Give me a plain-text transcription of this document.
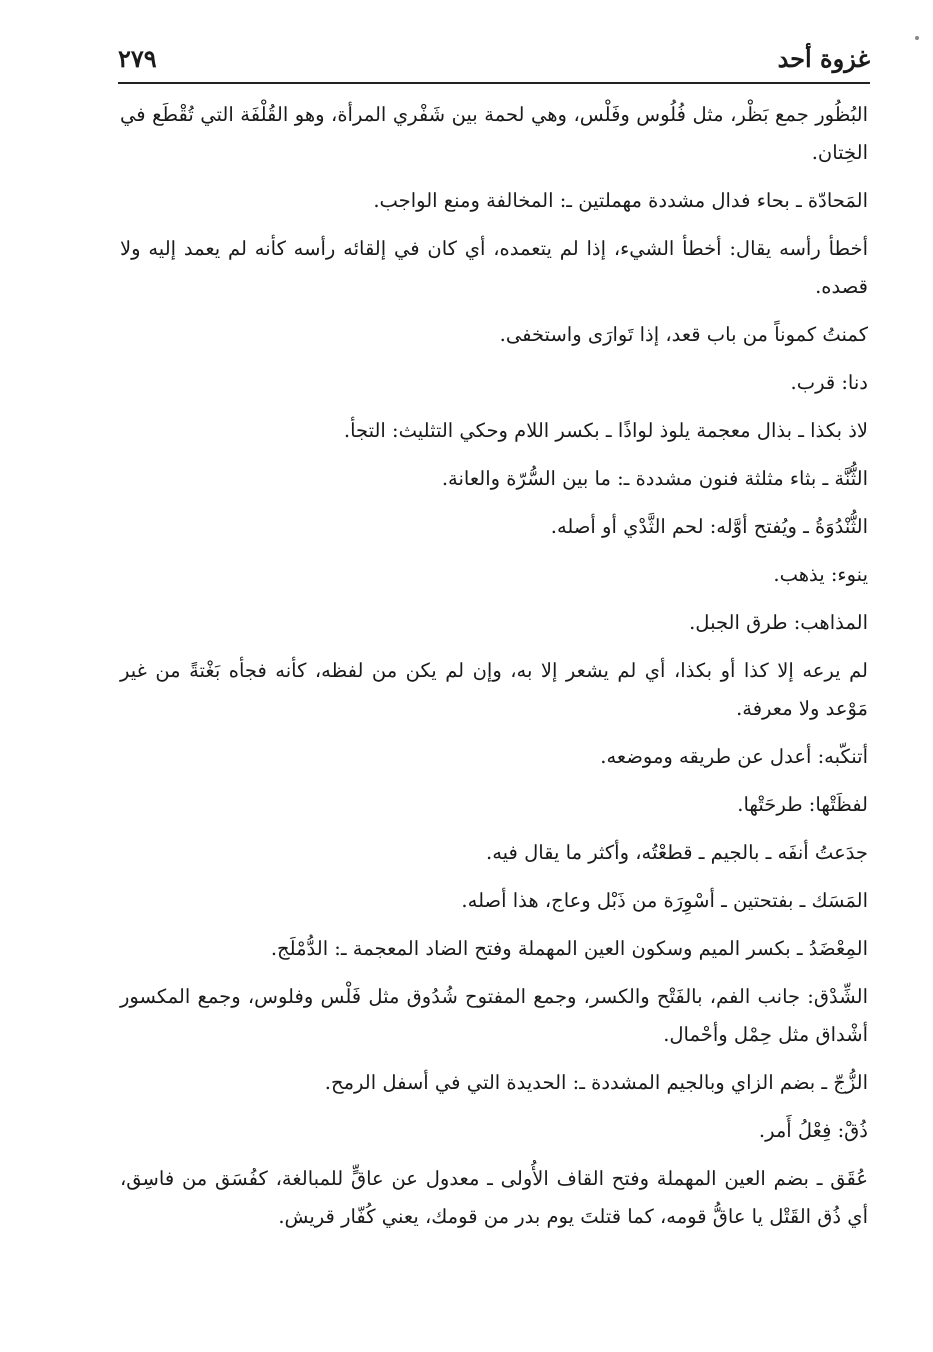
غزوة أحد
٢٧٩

البُظُور جمع بَظْر، مثل فُلُوس وفَلْس، وهي لحمة بين شَفْري المرأة، وهو القُلْفَة التي تُقْطَع في الخِتان.

المَحادّة ـ بحاء فدال مشددة مهملتين ـ: المخالفة ومنع الواجب.

أخطأ رأسه يقال: أخطأ الشيء، إذا لم يتعمده، أي كان في إلقائه رأسه كأنه لم يعمد إليه ولا قصده.

كمنتُ كموناً من باب قعد، إذا تَوارَى واستخفى.

دنا: قرب.

لاذ بكذا ـ بذال معجمة يلوذ لواذًا ـ بكسر اللام وحكي التثليث: التجأ.

الثُّنَّة ـ بثاء مثلثة فنون مشددة ـ: ما بين السُّرّة والعانة.

الثُّنْدُوَةُ ـ ويُفتح أوَّله: لحم الثَّدْي أو أصله.

ينوء: يذهب.

المذاهب: طرق الجبل.

لم يرعه إلا كذا أو بكذا، أي لم يشعر إلا به، وإن لم يكن من لفظه، كأنه فجأه بَغْتةً من غير مَوْعد ولا معرفة.

أتنكّبه: أعدل عن طريقه وموضعه.

لفظَتْها: طرحَتْها.

جدَعتُ أنفَه ـ بالجيم ـ قطعْتُه، وأكثر ما يقال فيه.

المَسَك ـ بفتحتين ـ أسْوِرَة من ذَبْل وعاج، هذا أصله.

المِعْضَدُ ـ بكسر الميم وسكون العين المهملة وفتح الضاد المعجمة ـ: الدُّمْلَج.

الشِّدْق: جانب الفم، بالفَتْح والكسر، وجمع المفتوح شُدُوق مثل فَلْس وفلوس، وجمع المكسور أشْداق مثل حِمْل وأحْمال.

الزُّجّ ـ بضم الزاي وبالجيم المشددة ـ: الحديدة التي في أسفل الرمح.

ذُقْ: فِعْلُ أَمر.

عُقَق ـ بضم العين المهملة وفتح القاف الأُولى ـ معدول عن عاقٍّ للمبالغة، كفُسَق من فاسِق، أي ذُق القَتْل يا عاقُّ قومه، كما قتلتَ يوم بدر من قومك، يعني كُفّار قريش.
